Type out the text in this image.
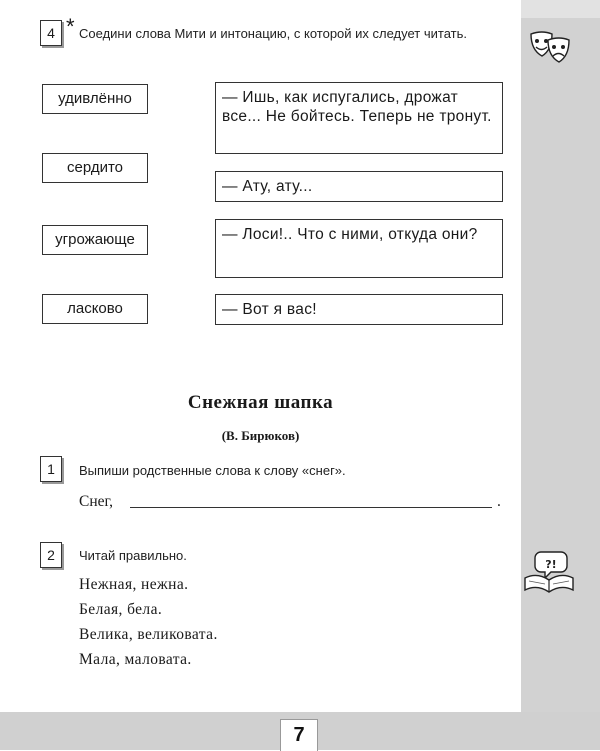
?!
4 * Соедини слова Мити и интонацию, с которой их следует читать.
удивлённо
сердито
угрожающе
ласково
— Ишь, как испугались, дрожат все... Не бойтесь. Теперь не тронут.
— Ату, ату...
— Лоси!.. Что с ними, откуда они?
— Вот я вас!
Снежная шапка
(В. Бирюков)
1	Выпиши родственные слова к слову «снег».
Снег,	.
2	Читай правильно.
Нежная, нежна.
Белая, бела.
Велика, великовата.
Мала, маловата.
7
